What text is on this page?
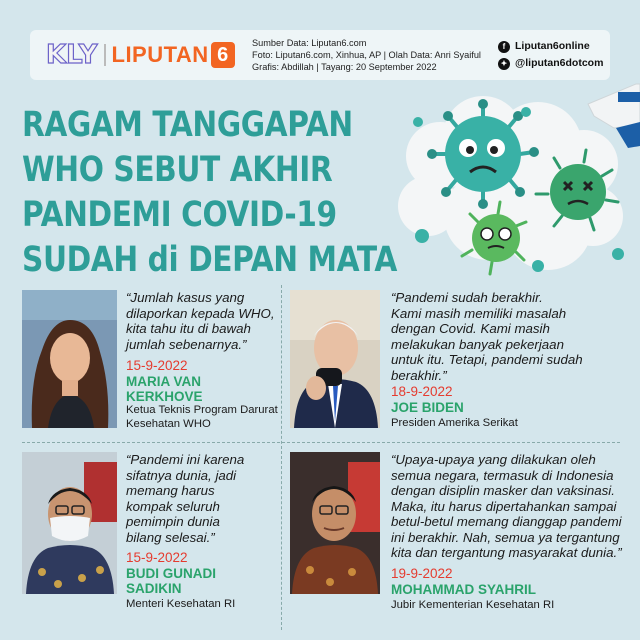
KLY LIPUTAN 6
Sumber Data: Liputan6.com
Foto: Liputan6.com, Xinhua, AP | Olah Data: Anri Syaiful
Grafis: Abdillah | Tayang: 20 September 2022
f Liputan6online
✦ @liputan6dotcom
RAGAM TANGGAPAN
WHO SEBUT AKHIR
PANDEMI COVID-19
SUDAH di DEPAN MATA
“Jumlah kasus yang
dilaporkan kepada WHO,
kita tahu itu di bawah
jumlah sebenarnya.”
15-9-2022
MARIA VAN
KERKHOVE
Ketua Teknis Program Darurat
Kesehatan WHO
“Pandemi sudah berakhir.
Kami masih memiliki masalah
dengan Covid. Kami masih
melakukan banyak pekerjaan
untuk itu. Tetapi, pandemi sudah
berakhir.”
18-9-2022
JOE BIDEN
Presiden Amerika Serikat
“Pandemi ini karena
sifatnya dunia, jadi
memang harus
kompak seluruh
pemimpin dunia
bilang selesai.”
15-9-2022
BUDI GUNADI
SADIKIN
Menteri Kesehatan RI
“Upaya-upaya yang dilakukan oleh
semua negara, termasuk di Indonesia
dengan disiplin masker dan vaksinasi.
Maka, itu harus dipertahankan sampai
betul-betul memang dianggap pandemi
ini berakhir. Nah, semua ya tergantung
kita dan tergantung masyarakat dunia.”
19-9-2022
MOHAMMAD SYAHRIL
Jubir Kementerian Kesehatan RI
